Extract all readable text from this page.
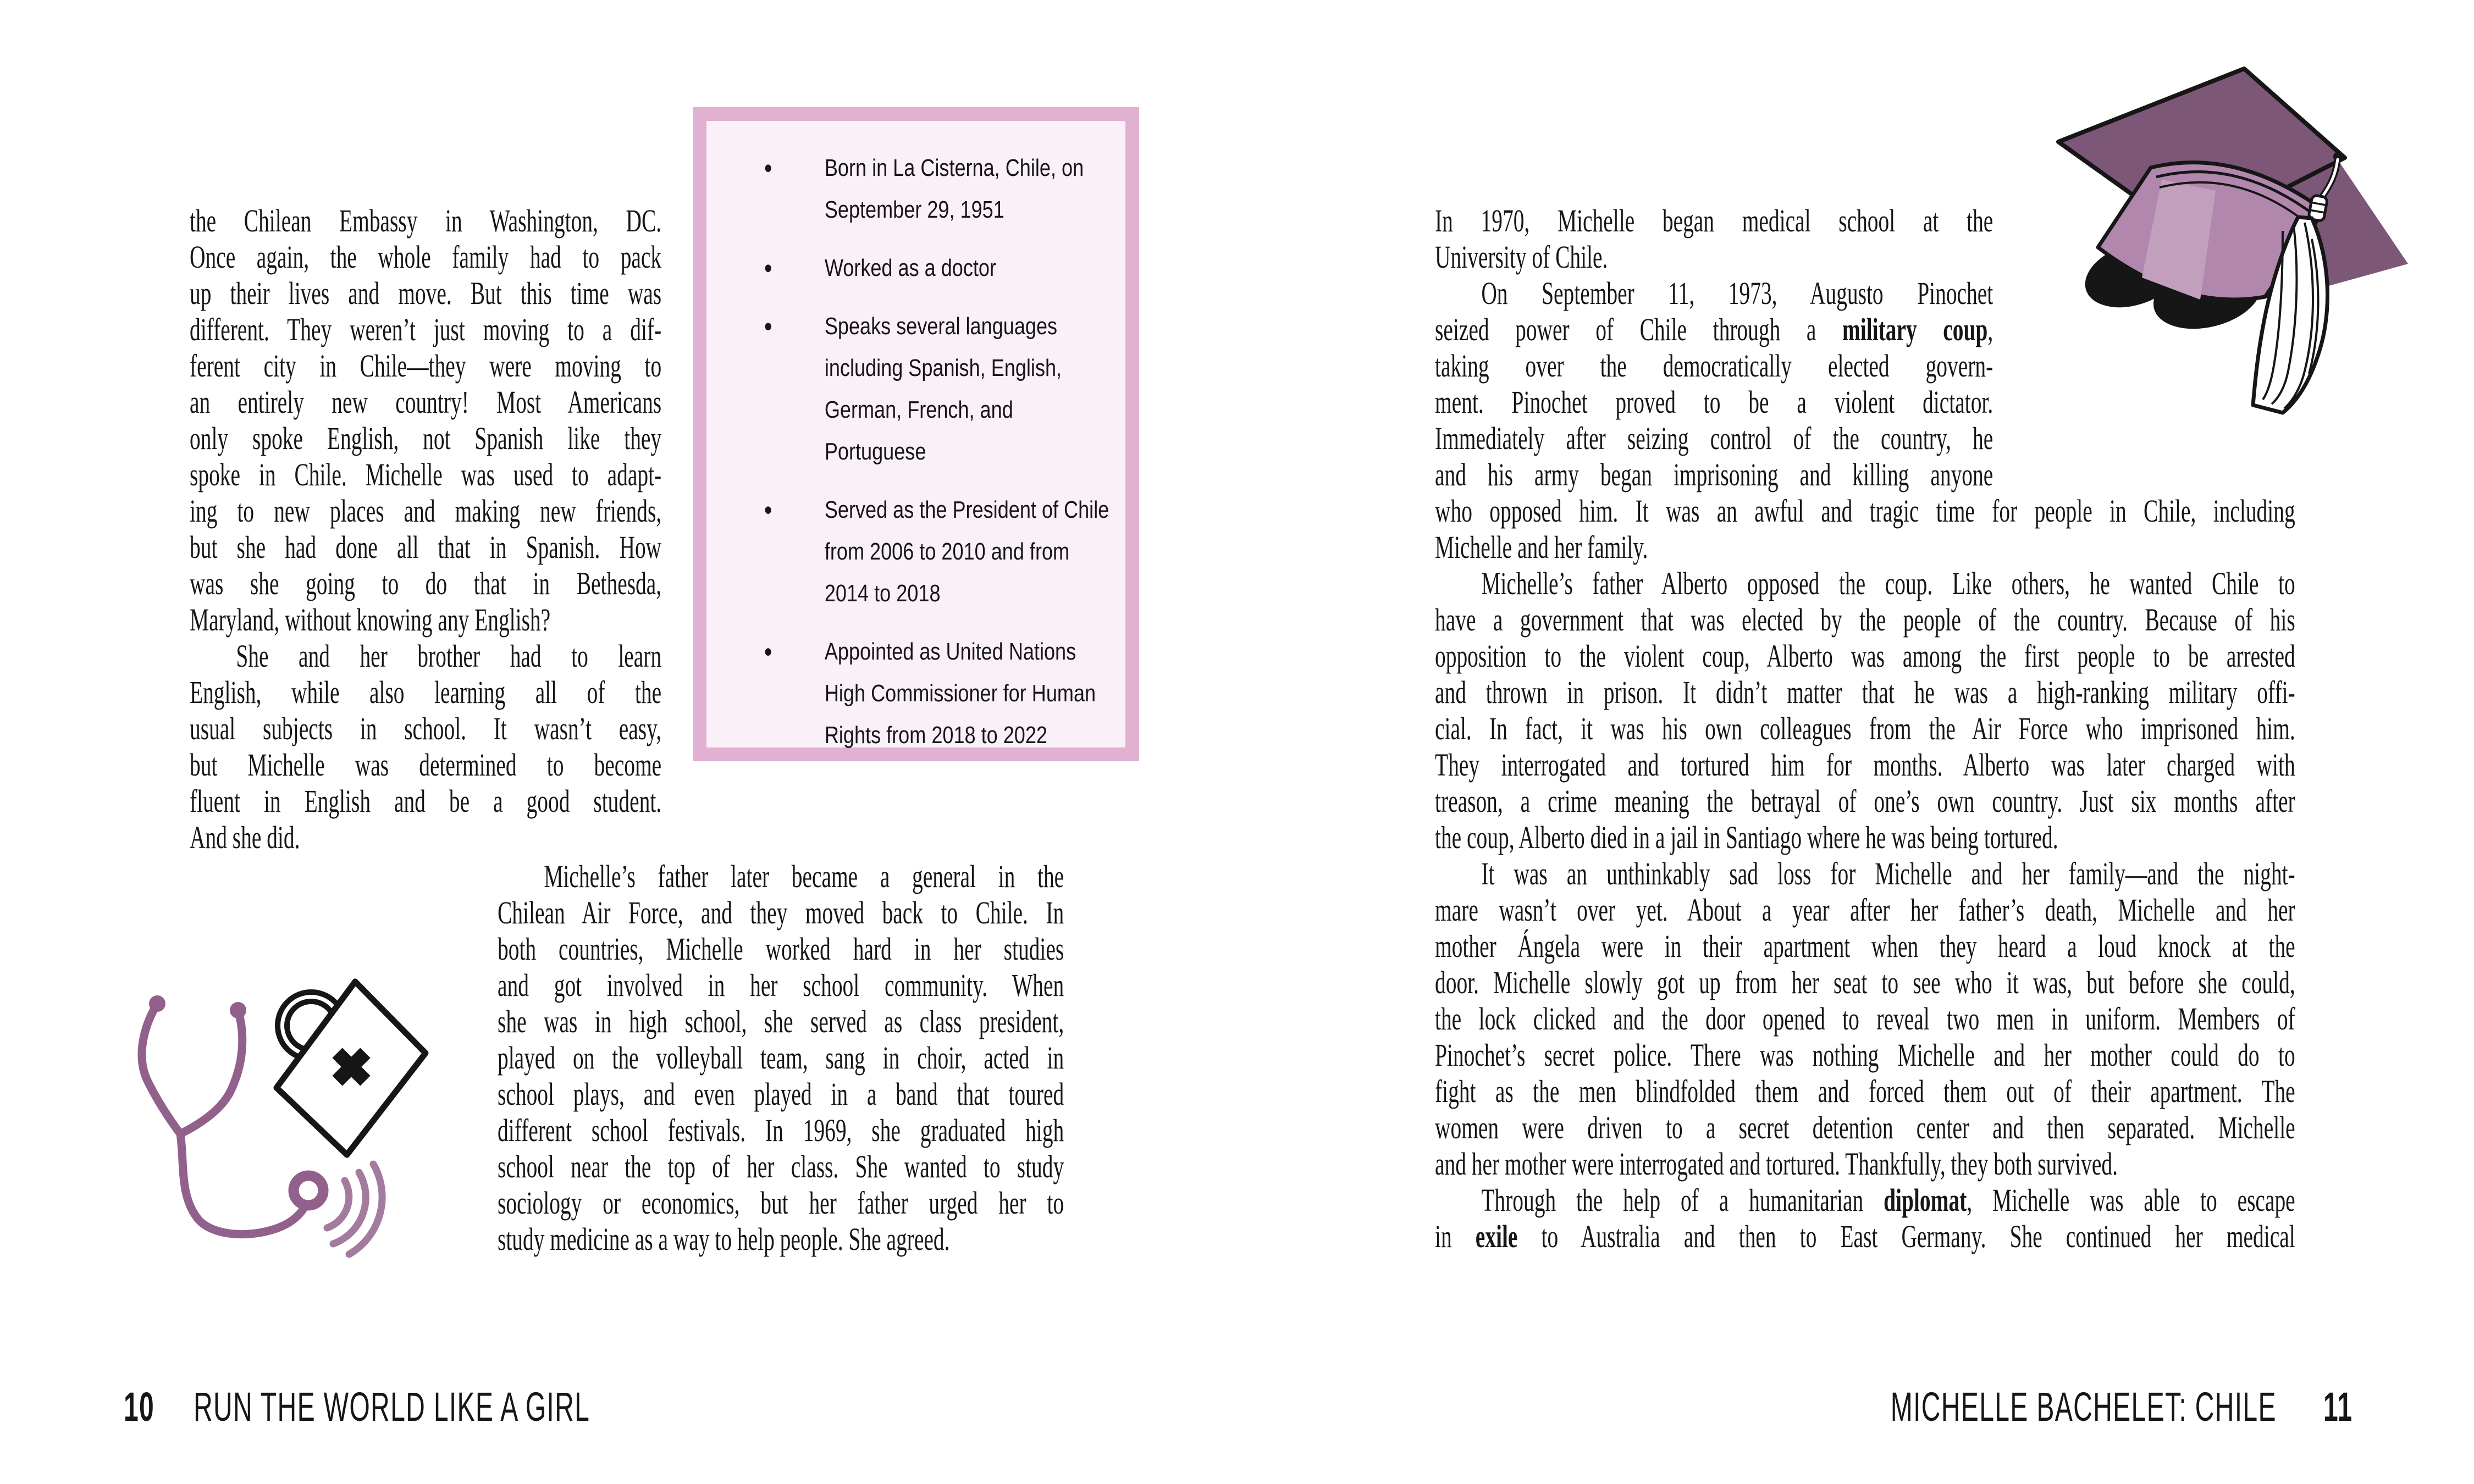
the Chilean Embassy in Washington, DC.
Once again, the whole family had to pack
up their lives and move. But this time was
different. They weren’t just moving to a dif-
ferent city in Chile—they were moving to
an entirely new country! Most Americans
only spoke English, not Spanish like they
spoke in Chile. Michelle was used to adapt-
ing to new places and making new friends,
but she had done all that in Spanish. How
was she going to do that in Bethesda,
Maryland, without knowing any English?
She and her brother had to learn
English, while also learning all of the
usual subjects in school. It wasn’t easy,
but Michelle was determined to become
fluent in English and be a good student.
And she did.
• Born in La Cisterna, Chile, on
September 29, 1951
• Worked as a doctor
• Speaks several languages
including Spanish, English,
German, French, and
Portuguese
• Served as the President of Chile
from 2006 to 2010 and from
2014 to 2018
• Appointed as United Nations
High Commissioner for Human
Rights from 2018 to 2022
Michelle’s father later became a general in the
Chilean Air Force, and they moved back to Chile. In
both countries, Michelle worked hard in her studies
and got involved in her school community. When
she was in high school, she served as class president,
played on the volleyball team, sang in choir, acted in
school plays, and even played in a band that toured
different school festivals. In 1969, she graduated high
school near the top of her class. She wanted to study
sociology or economics, but her father urged her to
study medicine as a way to help people. She agreed.
10 RUN THE WORLD LIKE A GIRL
In 1970, Michelle began medical school at the
University of Chile.
On September 11, 1973, Augusto Pinochet
seized power of Chile through a military coup,
taking over the democratically elected govern-
ment. Pinochet proved to be a violent dictator.
Immediately after seizing control of the country, he
and his army began imprisoning and killing anyone
who opposed him. It was an awful and tragic time for people in Chile, including
Michelle and her family.
Michelle’s father Alberto opposed the coup. Like others, he wanted Chile to
have a government that was elected by the people of the country. Because of his
opposition to the violent coup, Alberto was among the first people to be arrested
and thrown in prison. It didn’t matter that he was a high-ranking military offi-
cial. In fact, it was his own colleagues from the Air Force who imprisoned him.
They interrogated and tortured him for months. Alberto was later charged with
treason, a crime meaning the betrayal of one’s own country. Just six months after
the coup, Alberto died in a jail in Santiago where he was being tortured.
It was an unthinkably sad loss for Michelle and her family—and the night-
mare wasn’t over yet. About a year after her father’s death, Michelle and her
mother Ángela were in their apartment when they heard a loud knock at the
door. Michelle slowly got up from her seat to see who it was, but before she could,
the lock clicked and the door opened to reveal two men in uniform. Members of
Pinochet’s secret police. There was nothing Michelle and her mother could do to
fight as the men blindfolded them and forced them out of their apartment. The
women were driven to a secret detention center and then separated. Michelle
and her mother were interrogated and tortured. Thankfully, they both survived.
Through the help of a humanitarian diplomat, Michelle was able to escape
in exile to Australia and then to East Germany. She continued her medical
MICHELLE BACHELET: CHILE 11
